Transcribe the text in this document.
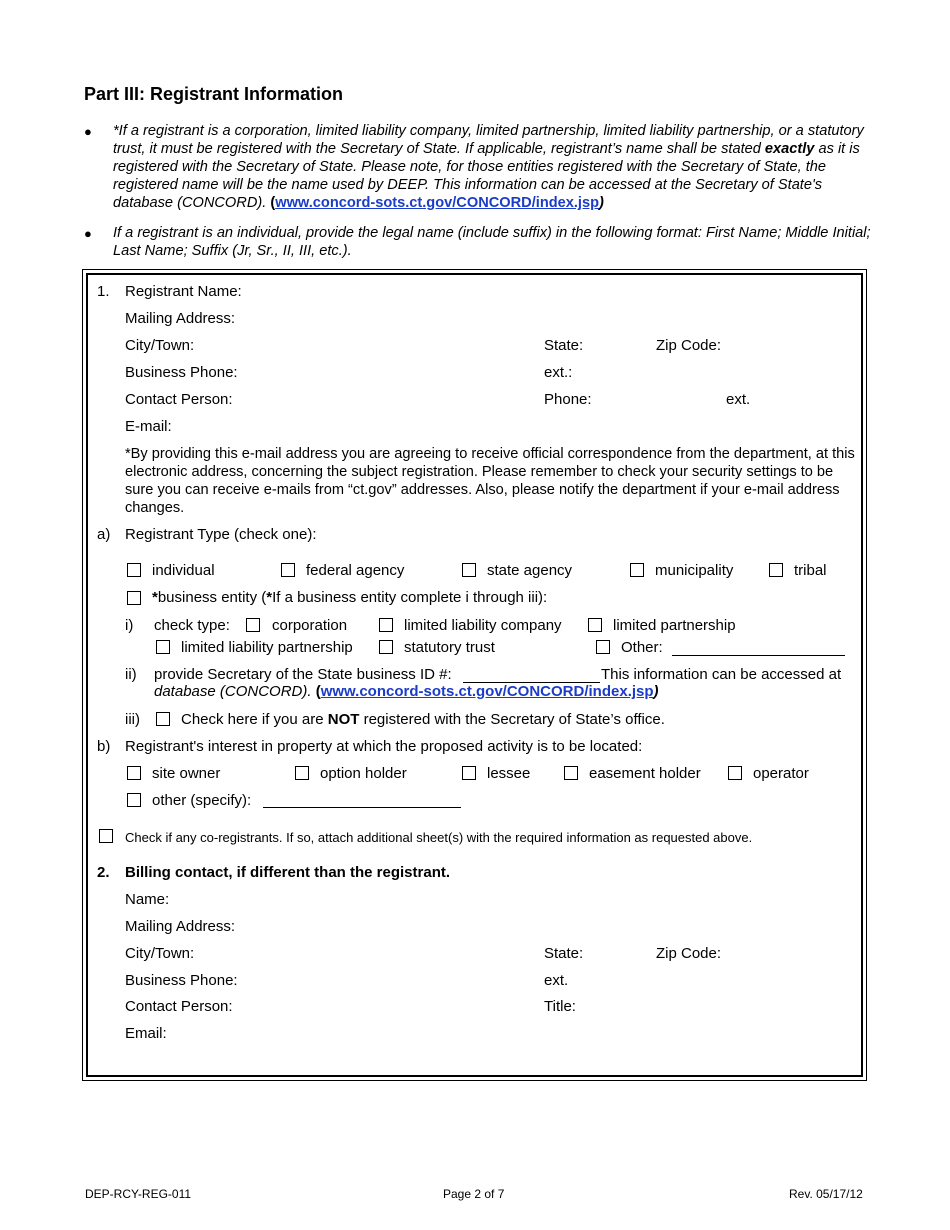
Part III: Registrant Information
● *If a registrant is a corporation, limited liability company, limited partnership, limited liability partnership, or a statutory trust, it must be registered with the Secretary of State. If applicable, registrant’s name shall be stated exactly as it is registered with the Secretary of State. Please note, for those entities registered with the Secretary of State, the registered name will be the name used by DEEP. This information can be accessed at the Secretary of State's database (CONCORD). (www.concord-sots.ct.gov/CONCORD/index.jsp)
● If a registrant is an individual, provide the legal name (include suffix) in the following format: First Name; Middle Initial; Last Name; Suffix (Jr, Sr., II, III, etc.).
1. Registrant Name:
Mailing Address:
City/Town:	State:	Zip Code:
Business Phone:	ext.:
Contact Person:	Phone:	ext.
E-mail:
*By providing this e-mail address you are agreeing to receive official correspondence from the department, at this electronic address, concerning the subject registration. Please remember to check your security settings to be sure you can receive e-mails from “ct.gov” addresses. Also, please notify the department if your e-mail address changes.
a) Registrant Type (check one):
individual	federal agency	state agency	municipality	tribal
*business entity (*If a business entity complete i through iii):
i) check type:	corporation	limited liability company	limited partnership
limited liability partnership	statutory trust	Other:
ii) provide Secretary of the State business ID #:	This information can be accessed at
database (CONCORD). (www.concord-sots.ct.gov/CONCORD/index.jsp)
iii)	Check here if you are NOT registered with the Secretary of State’s office.
b) Registrant's interest in property at which the proposed activity is to be located:
site owner	option holder	lessee	easement holder	operator
other (specify):
Check if any co-registrants. If so, attach additional sheet(s) with the required information as requested above.
2. Billing contact, if different than the registrant.
Name:
Mailing Address:
City/Town:	State:	Zip Code:
Business Phone:	ext.
Contact Person:	Title:
Email:
DEP-RCY-REG-011	Page 2 of 7	Rev. 05/17/12
